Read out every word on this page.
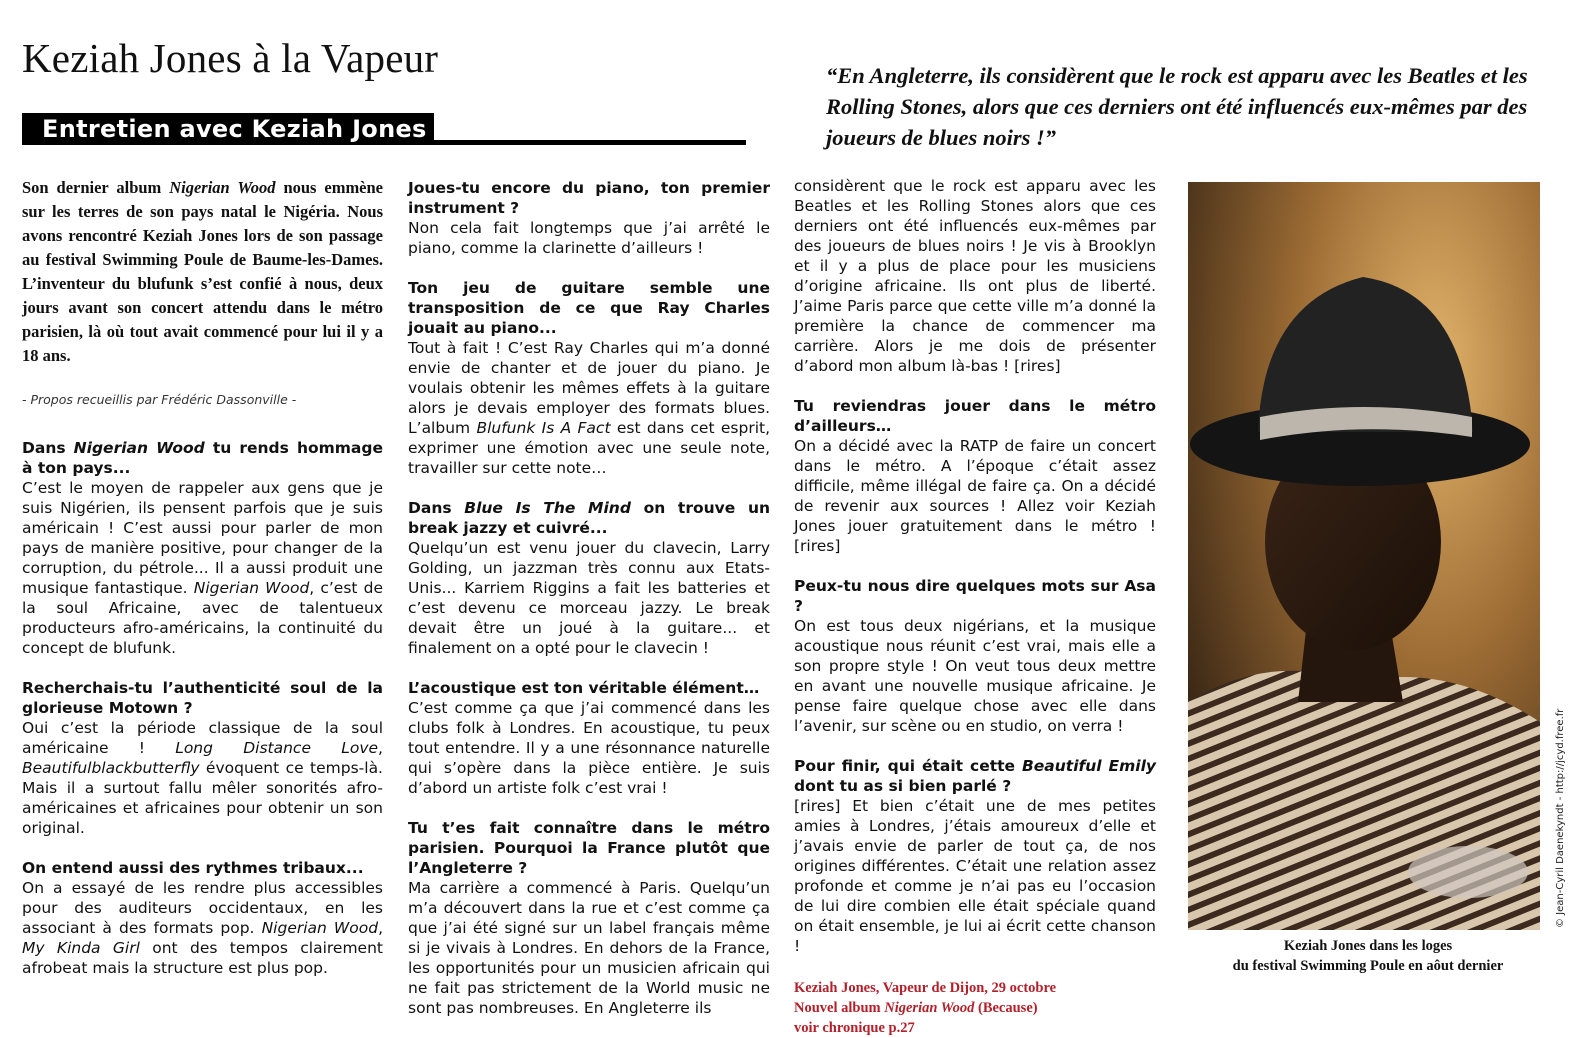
Keziah Jones à la Vapeur
Entretien avec Keziah Jones

“En Angleterre, ils considèrent que le rock est apparu avec les Beatles et les Rolling Stones, alors que ces derniers ont été influencés eux-mêmes par des joueurs de blues noirs !”

Son dernier album Nigerian Wood nous emmène sur les terres de son pays natal le Nigéria. Nous avons rencontré Keziah Jones lors de son passage au festival Swimming Poule de Baume-les-Dames. L’inventeur du blufunk s’est confié à nous, deux jours avant son concert attendu dans le métro parisien, là où tout avait commencé pour lui il y a 18 ans.

- Propos recueillis par Frédéric Dassonville -

Dans Nigerian Wood tu rends hommage à ton pays...

C’est le moyen de rappeler aux gens que je suis Nigérien, ils pensent parfois que je suis américain ! C’est aussi pour parler de mon pays de manière positive, pour changer de la corruption, du pétrole... Il a aussi produit une musique fantastique. Nigerian Wood, c’est de la soul Africaine, avec de talentueux producteurs afro-américains, la continuité du concept de blufunk.

Recherchais-tu l’authenticité soul de la glorieuse Motown ?

Oui c’est la période classique de la soul américaine ! Long Distance Love, Beautifulblackbutterfly évoquent ce temps-là. Mais il a surtout fallu mêler sonorités afro-américaines et africaines pour obtenir un son original.

On entend aussi des rythmes tribaux...

On a essayé de les rendre plus accessibles pour des auditeurs occidentaux, en les associant à des formats pop. Nigerian Wood, My Kinda Girl ont des tempos clairement afrobeat mais la structure est plus pop.

Joues-tu encore du piano, ton premier instrument ?

Non cela fait longtemps que j’ai arrêté le piano, comme la clarinette d’ailleurs !

Ton jeu de guitare semble une transposition de ce que Ray Charles jouait au piano...

Tout à fait ! C’est Ray Charles qui m’a donné envie de chanter et de jouer du piano. Je voulais obtenir les mêmes effets à la guitare alors je devais employer des formats blues. L’album Blufunk Is A Fact est dans cet esprit, exprimer une émotion avec une seule note, travailler sur cette note…

Dans Blue Is The Mind on trouve un break jazzy et cuivré...

Quelqu’un est venu jouer du clavecin, Larry Golding, un jazzman très connu aux Etats-Unis... Karriem Riggins a fait les batteries et c’est devenu ce morceau jazzy. Le break devait être un joué à la guitare... et finalement on a opté pour le clavecin !

L’acoustique est ton véritable élément…

C’est comme ça que j’ai commencé dans les clubs folk à Londres. En acoustique, tu peux tout entendre. Il y a une résonnance naturelle qui s’opère dans la pièce entière. Je suis d’abord un artiste folk c’est vrai !

Tu t’es fait connaître dans le métro parisien. Pourquoi la France plutôt que l’Angleterre ?

Ma carrière a commencé à Paris. Quelqu’un m’a découvert dans la rue et c’est comme ça que j’ai été signé sur un label français même si je vivais à Londres. En dehors de la France, les opportunités pour un musicien africain qui ne fait pas strictement de la World music ne sont pas nombreuses. En Angleterre ils

considèrent que le rock est apparu avec les Beatles et les Rolling Stones alors que ces derniers ont été influencés eux-mêmes par des joueurs de blues noirs ! Je vis à Brooklyn et il y a plus de place pour les musiciens d’origine africaine. Ils ont plus de liberté. J’aime Paris parce que cette ville m’a donné la première la chance de commencer ma carrière. Alors je me dois de présenter d’abord mon album là-bas ! [rires]

Tu reviendras jouer dans le métro d’ailleurs…

On a décidé avec la RATP de faire un concert dans le métro. A l’époque c’était assez difficile, même illégal de faire ça. On a décidé de revenir aux sources ! Allez voir Keziah Jones jouer gratuitement dans le métro ! [rires]

Peux-tu nous dire quelques mots sur Asa ?

On est tous deux nigérians, et la musique acoustique nous réunit c’est vrai, mais elle a son propre style ! On veut tous deux mettre en avant une nouvelle musique africaine. Je pense faire quelque chose avec elle dans l’avenir, sur scène ou en studio, on verra !

Pour finir, qui était cette Beautiful Emily dont tu as si bien parlé ?

[rires] Et bien c’était une de mes petites amies à Londres, j’étais amoureux d’elle et j’avais envie de parler de tout ça, de nos origines différentes. C’était une relation assez profonde et comme je n’ai pas eu l’occasion de lui dire combien elle était spéciale quand on était ensemble, je lui ai écrit cette chanson !

Keziah Jones, Vapeur de Dijon, 29 octobre
Nouvel album Nigerian Wood (Because)
voir chronique p.27

© Jean-Cyril Daenekyndt - http://jcyd.free.fr
Keziah Jones dans les loges
du festival Swimming Poule en aôut dernier
